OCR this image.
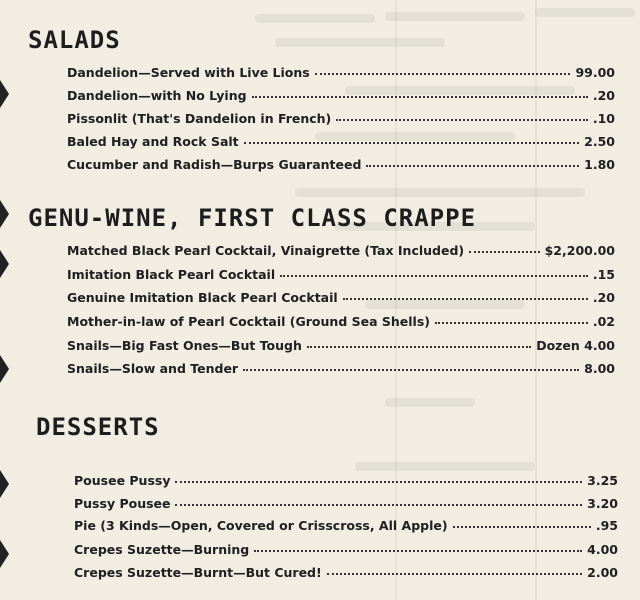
SALADS
Dandelion—Served with Live Lions	99.00
Dandelion—with No Lying	.20
Pissonlit (That's Dandelion in French)	.10
Baled Hay and Rock Salt	2.50
Cucumber and Radish—Burps Guaranteed	1.80
GENU-WINE, FIRST CLASS CRAPPE
Matched Black Pearl Cocktail, Vinaigrette (Tax Included)	$2,200.00
Imitation Black Pearl Cocktail	.15
Genuine Imitation Black Pearl Cocktail	.20
Mother-in-law of Pearl Cocktail (Ground Sea Shells)	.02
Snails—Big Fast Ones—But Tough	Dozen 4.00
Snails—Slow and Tender	8.00
DESSERTS
Pousee Pussy	3.25
Pussy Pousee	3.20
Pie (3 Kinds—Open, Covered or Crisscross, All Apple)	.95
Crepes Suzette—Burning	4.00
Crepes Suzette—Burnt—But Cured!	2.00
